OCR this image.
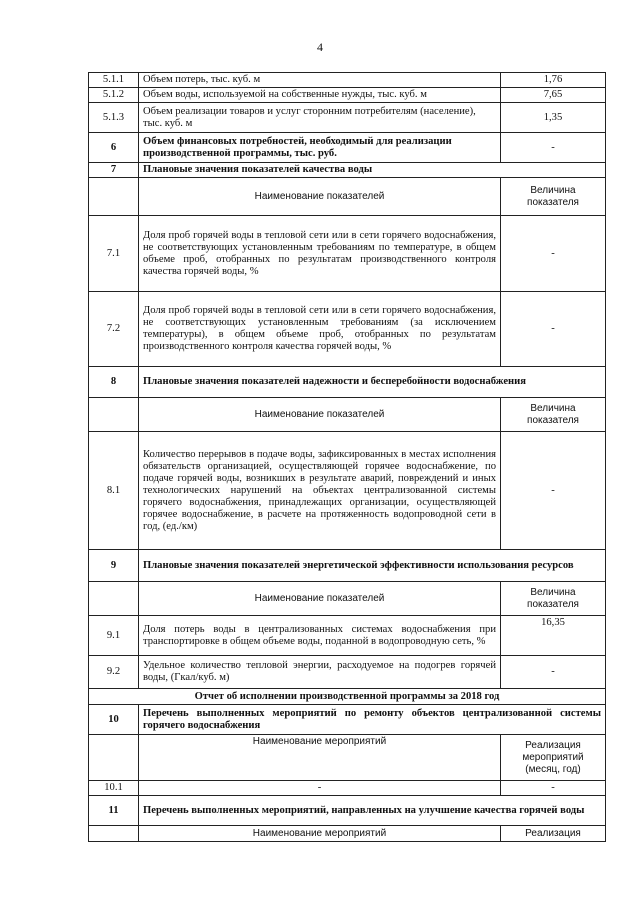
4
5.1.1	Объем потерь, тыс. куб. м	1,76
5.1.2	Объем воды, используемой на собственные нужды, тыс. куб. м	7,65
5.1.3	Объем реализации товаров и услуг сторонним потребителям (население), тыс. куб. м	1,35
6	Объем финансовых потребностей, необходимый для реализации производственной программы, тыс. руб.	-
7	Плановые значения показателей качества воды	
	Наименование показателей	Величина показателя
7.1	Доля проб горячей воды в тепловой сети или в сети горячего водоснабжения, не соответствующих установленным требованиям по температуре, в общем объеме проб, отобранных по результатам производственного контроля качества горячей воды, %	-
7.2	Доля проб горячей воды в тепловой сети или в сети горячего водоснабжения, не соответствующих установленным требованиям (за исключением температуры), в общем объеме проб, отобранных по результатам производственного контроля качества горячей воды, %	-
8	Плановые значения показателей надежности и бесперебойности водоснабжения	
	Наименование показателей	Величина показателя
8.1	Количество перерывов в подаче воды, зафиксированных в местах исполнения обязательств организацией, осуществляющей горячее водоснабжение, по подаче горячей воды, возникших в результате аварий, повреждений и иных технологических нарушений на объектах централизованной системы горячего водоснабжения, принадлежащих организации, осуществляющей горячее водоснабжение, в расчете на протяженность водопроводной сети в год, (ед./км)	-
9	Плановые значения показателей энергетической эффективности использования ресурсов	
	Наименование показателей	Величина показателя
9.1	Доля потерь воды в централизованных системах водоснабжения при транспортировке в общем объеме воды, поданной в водопроводную сеть, %	16,35
9.2	Удельное количество тепловой энергии, расходуемое на подогрев горячей воды, (Гкал/куб. м)	-
Отчет об исполнении производственной программы за 2018 год		
10	Перечень выполненных мероприятий по ремонту объектов централизованной системы горячего водоснабжения	
	Наименование мероприятий	Реализация мероприятий (месяц, год)
10.1	-	-
11	Перечень выполненных мероприятий, направленных на улучшение качества горячей воды	
	Наименование мероприятий	Реализация
